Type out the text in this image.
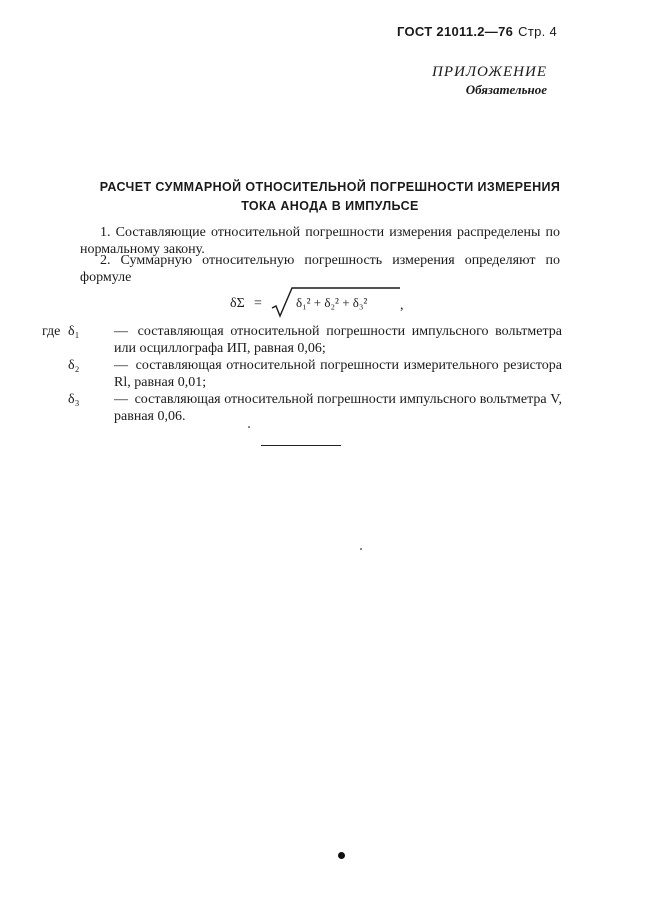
ГОСТ 21011.2—76 Стр. 4
ПРИЛОЖЕНИЕ
Обязательное
РАСЧЕТ СУММАРНОЙ ОТНОСИТЕЛЬНОЙ ПОГРЕШНОСТИ ИЗМЕРЕНИЯ
ТОКА АНОДА В ИМПУЛЬСЕ
1. Составляющие относительной погрешности измерения распределены по нормальному закону.
2. Суммарную относительную погрешность измерения определяют по формуле
δΣ =	δ₁² + δ₂² + δ₃² ,
где δ₁ — составляющая относительной погрешности импульсного вольтметра или осциллографа ИП, равная 0,06;
δ₂ — составляющая относительной погрешности измерительного резистора Rl, равная 0,01;
δ₃ — составляющая относительной погрешности импульсного вольтметра V, равная 0,06.
